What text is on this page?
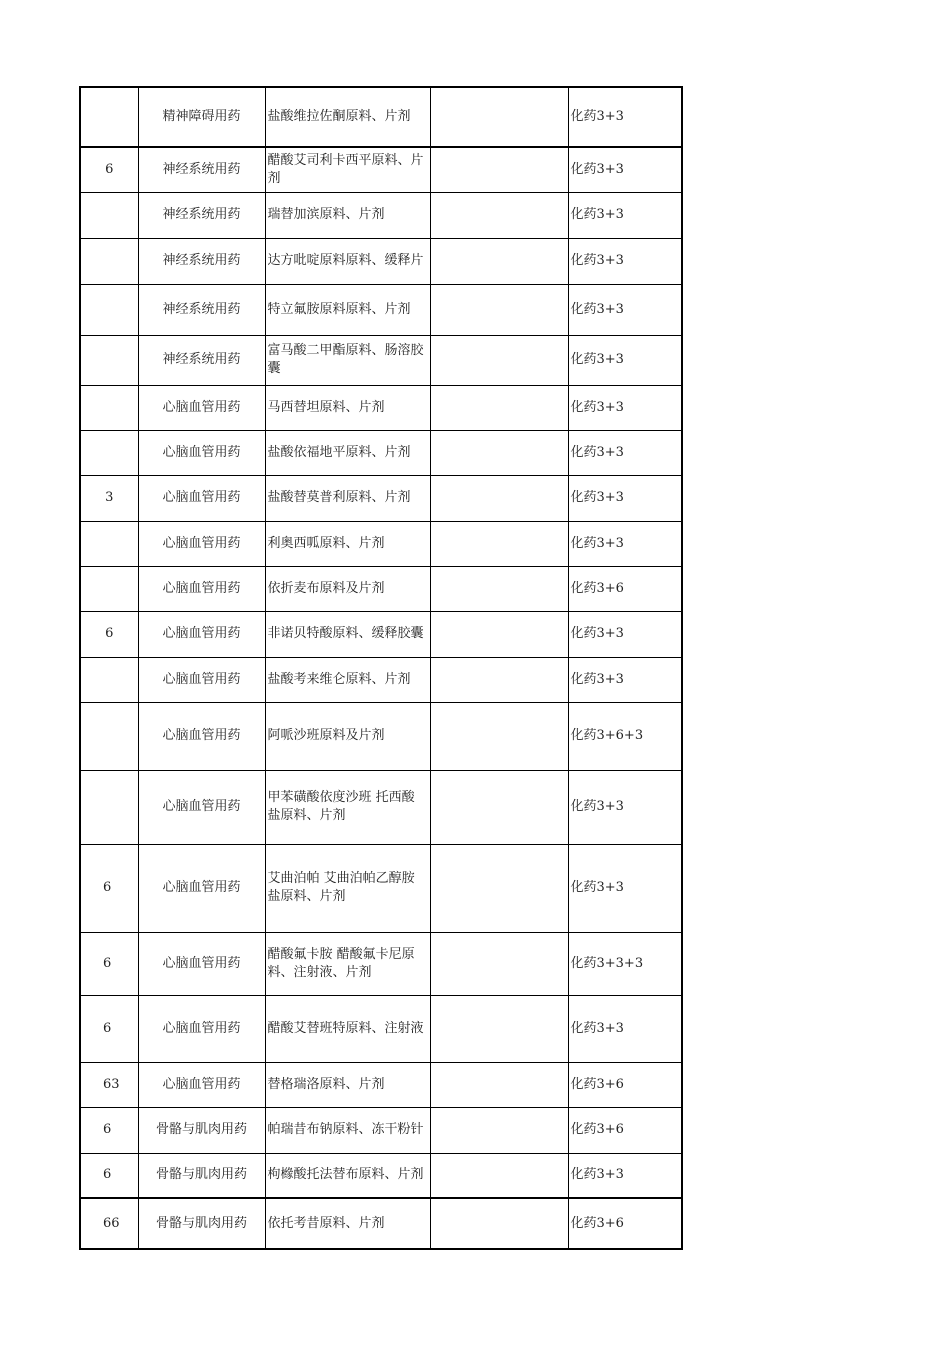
	精神障碍用药	盐酸维拉佐酮原料、片剂		化药3+3
6	神经系统用药	醋酸艾司利卡西平原料、片剂		化药3+3
	神经系统用药	瑞替加滨原料、片剂		化药3+3
	神经系统用药	达方吡啶原料原料、缓释片		化药3+3
	神经系统用药	特立氟胺原料原料、片剂		化药3+3
	神经系统用药	富马酸二甲酯原料、肠溶胶囊		化药3+3
	心脑血管用药	马西替坦原料、片剂		化药3+3
	心脑血管用药	盐酸依福地平原料、片剂		化药3+3
3	心脑血管用药	盐酸替莫普利原料、片剂		化药3+3
	心脑血管用药	利奥西呱原料、片剂		化药3+3
	心脑血管用药	依折麦布原料及片剂		化药3+6
6	心脑血管用药	非诺贝特酸原料、缓释胶囊		化药3+3
	心脑血管用药	盐酸考来维仑原料、片剂		化药3+3
	心脑血管用药	阿哌沙班原料及片剂		化药3+6+3
	心脑血管用药	甲苯磺酸依度沙班 托西酸盐原料、片剂		化药3+3
6	心脑血管用药	艾曲泊帕 艾曲泊帕乙醇胺盐原料、片剂		化药3+3
6	心脑血管用药	醋酸氟卡胺 醋酸氟卡尼原料、注射液、片剂		化药3+3+3
6	心脑血管用药	醋酸艾替班特原料、注射液		化药3+3
63	心脑血管用药	替格瑞洛原料、片剂		化药3+6
6	骨骼与肌肉用药	帕瑞昔布钠原料、冻干粉针		化药3+6
6	骨骼与肌肉用药	枸橼酸托法替布原料、片剂		化药3+3
66	骨骼与肌肉用药	依托考昔原料、片剂		化药3+6
